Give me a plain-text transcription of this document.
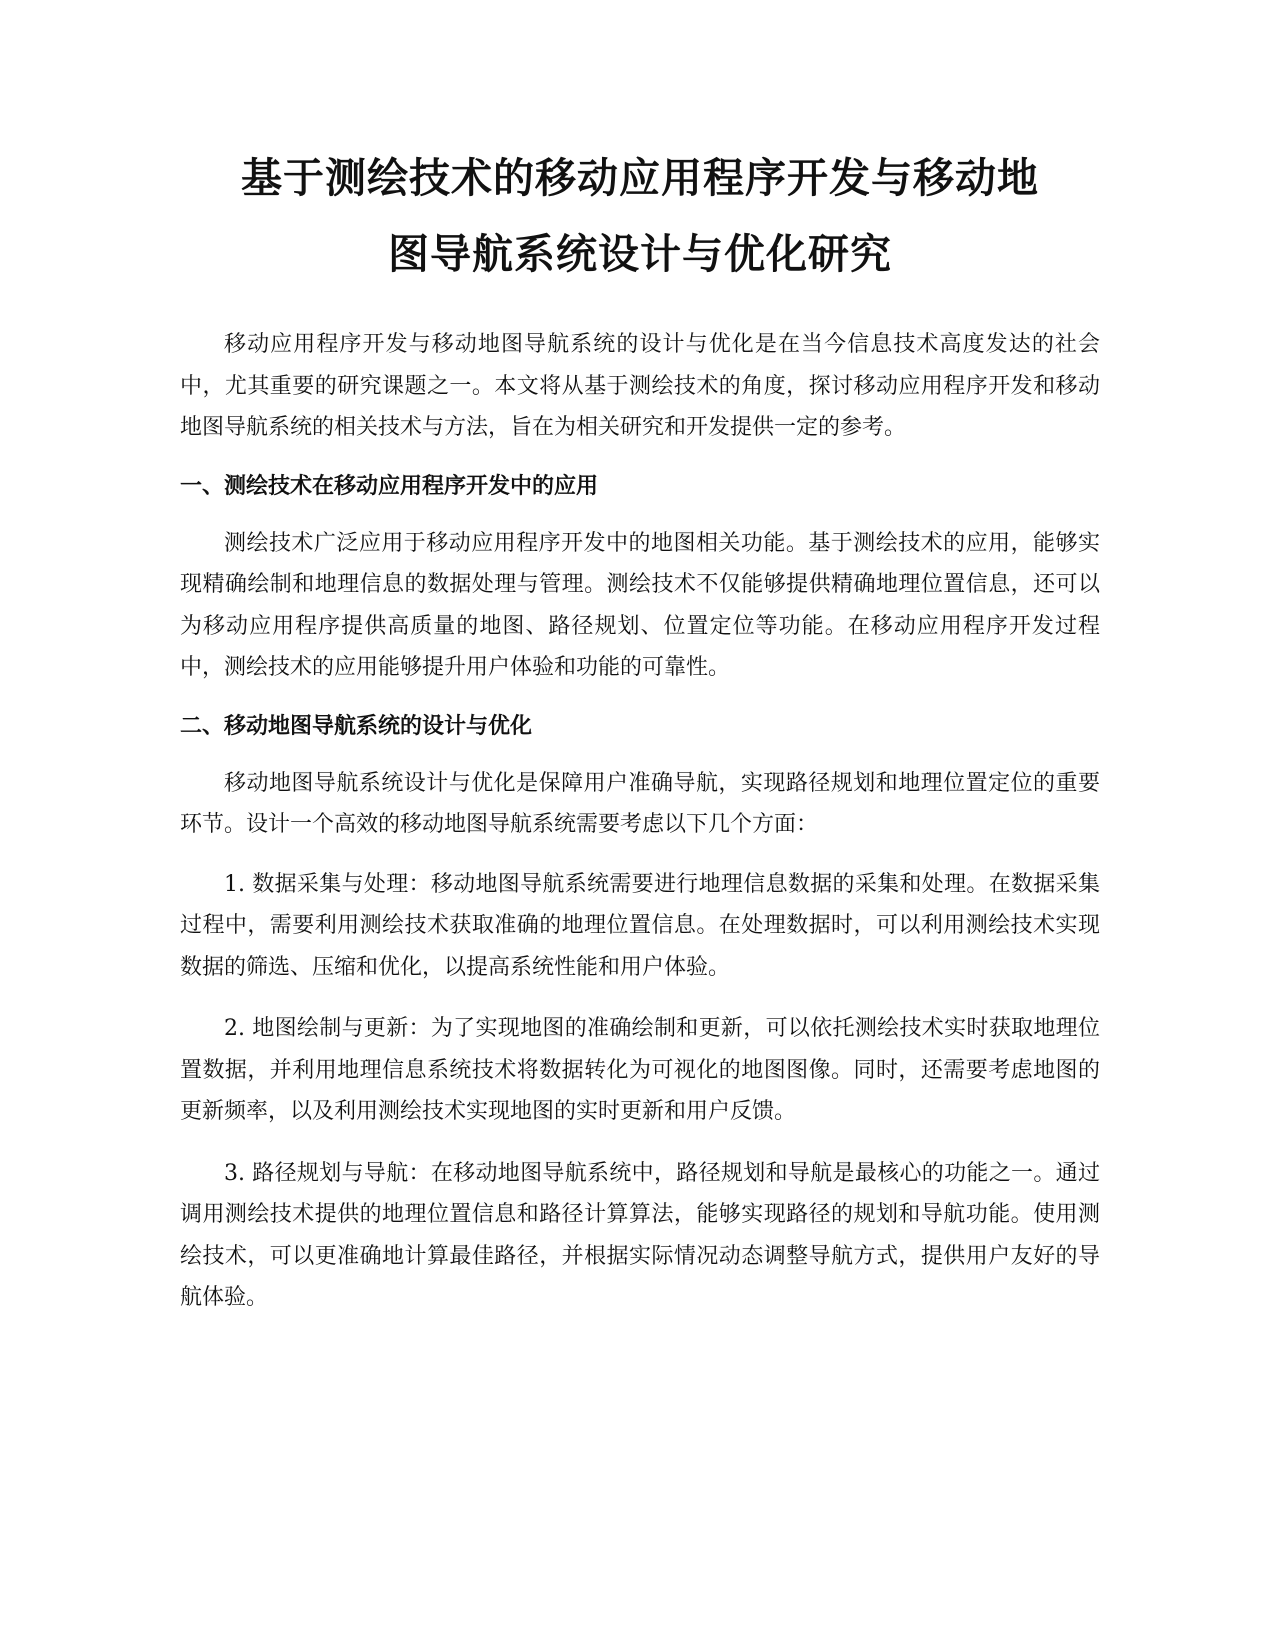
基于测绘技术的移动应用程序开发与移动地
图导航系统设计与优化研究

移动应用程序开发与移动地图导航系统的设计与优化是在当今信息技术高度发达的社会中，尤其重要的研究课题之一。本文将从基于测绘技术的角度，探讨移动应用程序开发和移动地图导航系统的相关技术与方法，旨在为相关研究和开发提供一定的参考。

一、测绘技术在移动应用程序开发中的应用

测绘技术广泛应用于移动应用程序开发中的地图相关功能。基于测绘技术的应用，能够实现精确绘制和地理信息的数据处理与管理。测绘技术不仅能够提供精确地理位置信息，还可以为移动应用程序提供高质量的地图、路径规划、位置定位等功能。在移动应用程序开发过程中，测绘技术的应用能够提升用户体验和功能的可靠性。

二、移动地图导航系统的设计与优化

移动地图导航系统设计与优化是保障用户准确导航，实现路径规划和地理位置定位的重要环节。设计一个高效的移动地图导航系统需要考虑以下几个方面：

1. 数据采集与处理：移动地图导航系统需要进行地理信息数据的采集和处理。在数据采集过程中，需要利用测绘技术获取准确的地理位置信息。在处理数据时，可以利用测绘技术实现数据的筛选、压缩和优化，以提高系统性能和用户体验。

2. 地图绘制与更新：为了实现地图的准确绘制和更新，可以依托测绘技术实时获取地理位置数据，并利用地理信息系统技术将数据转化为可视化的地图图像。同时，还需要考虑地图的更新频率，以及利用测绘技术实现地图的实时更新和用户反馈。

3. 路径规划与导航：在移动地图导航系统中，路径规划和导航是最核心的功能之一。通过调用测绘技术提供的地理位置信息和路径计算算法，能够实现路径的规划和导航功能。使用测绘技术，可以更准确地计算最佳路径，并根据实际情况动态调整导航方式，提供用户友好的导航体验。
